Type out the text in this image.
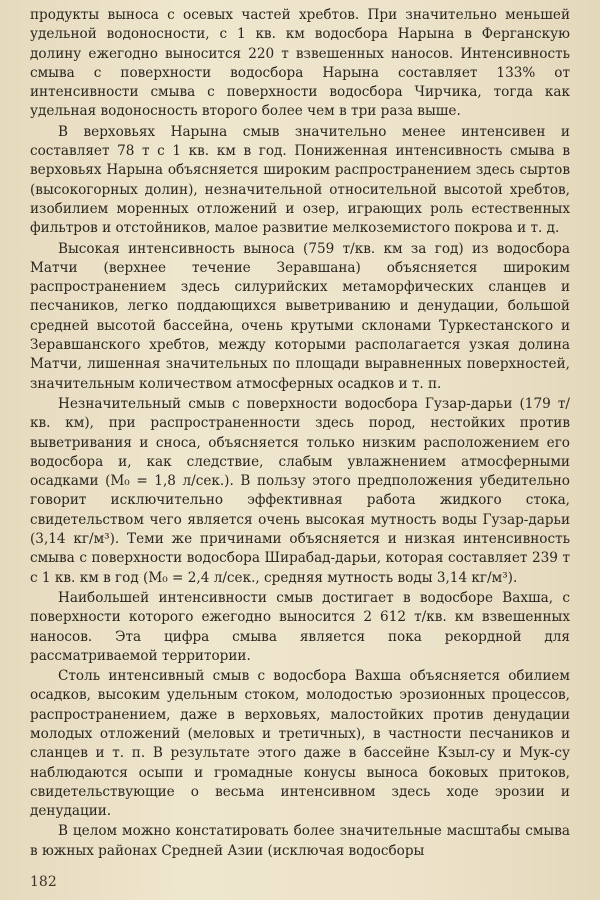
продукты выноса с осевых частей хребтов. При значительно меньшей удельной водоносности, с 1 кв. км водосбора Нарына в Ферганскую долину ежегодно выносится 220 т взвешенных наносов. Интенсивность смыва с поверхности водосбора Нарына составляет 133% от интенсивности смыва с поверхности водосбора Чирчика, тогда как удельная водоносность второго более чем в три раза выше.

В верховьях Нарына смыв значительно менее интенсивен и составляет 78 т с 1 кв. км в год. Пониженная интенсивность смыва в верховьях Нарына объясняется широким распространением здесь сыртов (высокогорных долин), незначительной относительной высотой хребтов, изобилием моренных отложений и озер, играющих роль естественных фильтров и отстойников, малое развитие мелкоземистого покрова и т. д.

Высокая интенсивность выноса (759 т/кв. км за год) из водосбора Матчи (верхнее течение Зеравшана) объясняется широким распространением здесь силурийских метаморфических сланцев и песчаников, легко поддающихся выветриванию и денудации, большой средней высотой бассейна, очень крутыми склонами Туркестанского и Зеравшанского хребтов, между которыми располагается узкая долина Матчи, лишенная значительных по площади выравненных поверхностей, значительным количеством атмосферных осадков и т. п.

Незначительный смыв с поверхности водосбора Гузар-дарьи (179 т/кв. км), при распространенности здесь пород, нестойких против выветривания и сноса, объясняется только низким расположением его водосбора и, как следствие, слабым увлажнением атмосферными осадками (M₀ = 1,8 л/сек.). В пользу этого предположения убедительно говорит исключительно эффективная работа жидкого стока, свидетельством чего является очень высокая мутность воды Гузар-дарьи (3,14 кг/м³). Теми же причинами объясняется и низкая интенсивность смыва с поверхности водосбора Ширабад-дарьи, которая составляет 239 т с 1 кв. км в год (M₀ = 2,4 л/сек., средняя мутность воды 3,14 кг/м³).

Наибольшей интенсивности смыв достигает в водосборе Вахша, с поверхности которого ежегодно выносится 2 612 т/кв. км взвешенных наносов. Эта цифра смыва является пока рекордной для рассматриваемой территории.

Столь интенсивный смыв с водосбора Вахша объясняется обилием осадков, высоким удельным стоком, молодостью эрозионных процессов, распространением, даже в верховьях, малостойких против денудации молодых отложений (меловых и третичных), в частности песчаников и сланцев и т. п. В результате этого даже в бассейне Кзыл-су и Мук-су наблюдаются осыпи и громадные конусы выноса боковых притоков, свидетельствующие о весьма интенсивном здесь ходе эрозии и денудации.

В целом можно констатировать более значительные масштабы смыва в южных районах Средней Азии (исключая водосборы

182
